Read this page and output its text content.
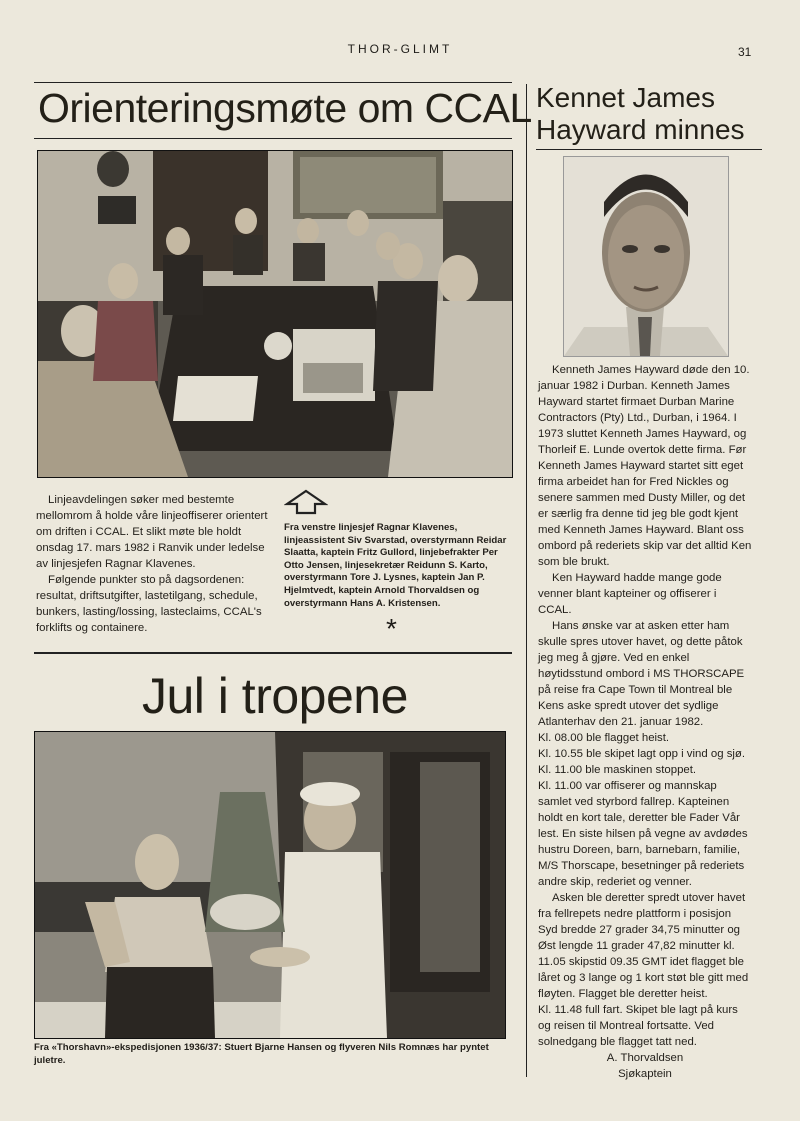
THOR-GLIMT	31
Orienteringsmøte om CCAL

Linjeavdelingen søker med bestemte mellomrom å holde våre linjeoffiserer orientert om driften i CCAL. Et slikt møte ble holdt onsdag 17. mars 1982 i Ranvik under ledelse av linjesjefen Ragnar Klavenes.

Følgende punkter sto på dagsordenen: resultat, driftsutgifter, lastetilgang, schedule, bunkers, lasting/lossing, lasteclaims, CCAL's forklifts og containere.

Fra venstre linjesjef Ragnar Klavenes, linjeassistent Siv Svarstad, overstyrmann Reidar Slaatta, kaptein Fritz Gullord, linjebefrakter Per Otto Jensen, linjesekretær Reidunn S. Karto, overstyrmann Tore J. Lysnes, kaptein Jan P. Hjelmtvedt, kaptein Arnold Thorvaldsen og overstyrmann Hans A. Kristensen.
*
Jul i tropene
Fra «Thorshavn»-ekspedisjonen 1936/37: Stuert Bjarne Hansen og flyveren Nils Romnæs har pyntet juletre.
Kennet James
Hayward minnes

Kenneth James Hayward døde den 10. januar 1982 i Durban. Kenneth James Hayward startet firmaet Durban Marine Contractors (Pty) Ltd., Durban, i 1964. I 1973 sluttet Kenneth James Hayward, og Thorleif E. Lunde overtok dette firma. Før Kenneth James Hayward startet sitt eget firma arbeidet han for Fred Nickles og senere sammen med Dusty Miller, og det er særlig fra denne tid jeg ble godt kjent med Kenneth James Hayward. Blant oss ombord på rederiets skip var det alltid Ken som ble brukt.

Ken Hayward hadde mange gode venner blant kapteiner og offiserer i CCAL.

Hans ønske var at asken etter ham skulle spres utover havet, og dette påtok jeg meg å gjøre. Ved en enkel høytidsstund ombord i MS THORSCAPE på reise fra Cape Town til Montreal ble Kens aske spredt utover det sydlige Atlanterhav den 21. januar 1982.

Kl. 08.00 ble flagget heist.

Kl. 10.55 ble skipet lagt opp i vind og sjø.

Kl. 11.00 ble maskinen stoppet.

Kl. 11.00 var offiserer og mannskap samlet ved styrbord fallrep. Kapteinen holdt en kort tale, deretter ble Fader Vår lest. En siste hilsen på vegne av avdødes hustru Doreen, barn, barnebarn, familie, M/S Thorscape, besetninger på rederiets andre skip, rederiet og venner.

Asken ble deretter spredt utover havet fra fellrepets nedre plattform i posisjon Syd bredde 27 grader 34,75 minutter og Øst lengde 11 grader 47,82 minutter kl. 11.05 skipstid 09.35 GMT idet flagget ble låret og 3 lange og 1 kort støt ble gitt med fløyten. Flagget ble deretter heist.

Kl. 11.48 full fart. Skipet ble lagt på kurs og reisen til Montreal fortsatte. Ved solnedgang ble flagget tatt ned.

A. Thorvaldsen

Sjøkaptein
